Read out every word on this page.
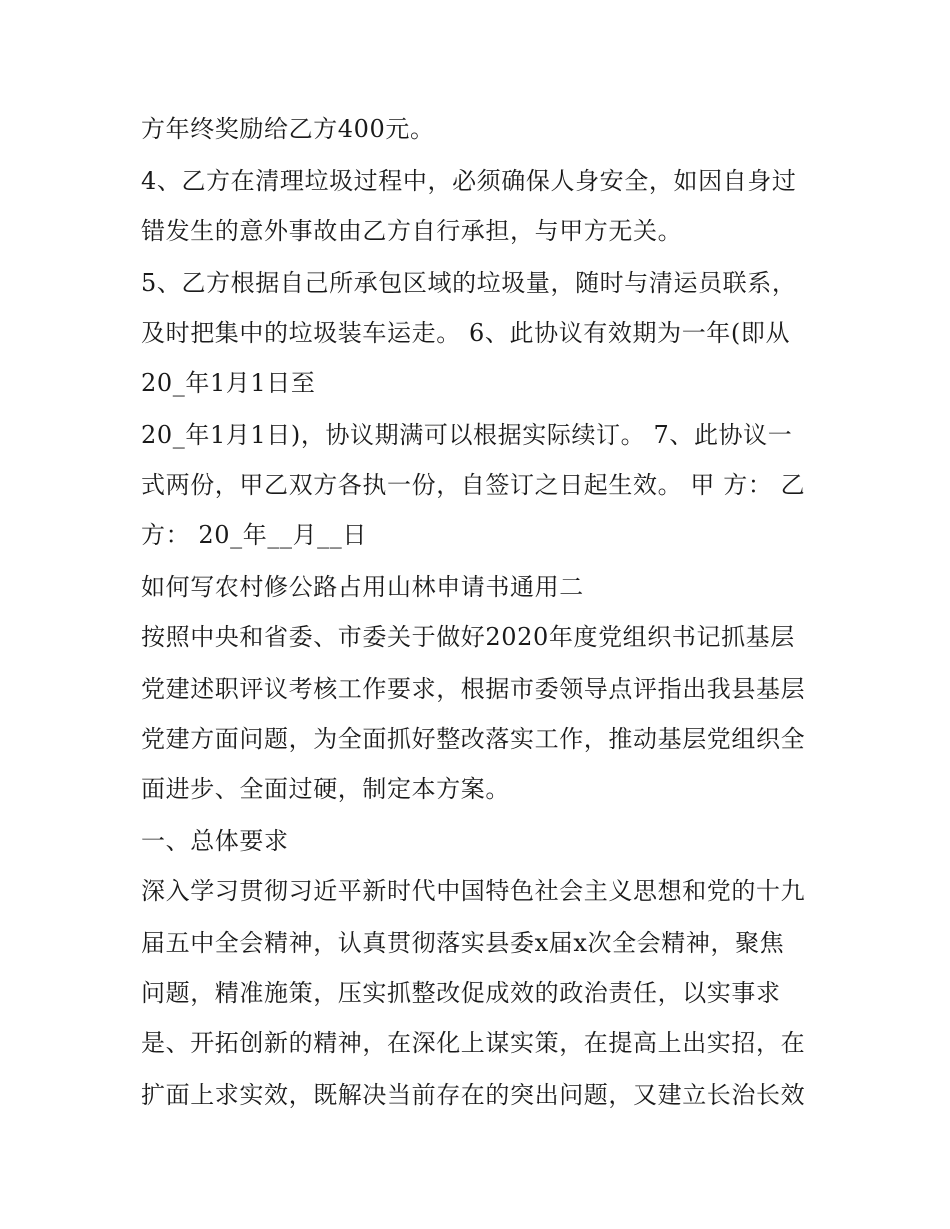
方年终奖励给乙方400元。

4、乙方在清理垃圾过程中，必须确保人身安全，如因自身过

错发生的意外事故由乙方自行承担，与甲方无关。

5、乙方根据自己所承包区域的垃圾量，随时与清运员联系，

及时把集中的垃圾装车运走。 6、此协议有效期为一年(即从

20_年1月1日至

20_年1月1日)，协议期满可以根据实际续订。 7、此协议一

式两份，甲乙双方各执一份，自签订之日起生效。 甲 方： 乙

方： 20_年__月__日

如何写农村修公路占用山林申请书通用二

按照中央和省委、市委关于做好2020年度党组织书记抓基层

党建述职评议考核工作要求，根据市委领导点评指出我县基层

党建方面问题，为全面抓好整改落实工作，推动基层党组织全

面进步、全面过硬，制定本方案。

一、总体要求

深入学习贯彻习近平新时代中国特色社会主义思想和党的十九

届五中全会精神，认真贯彻落实县委x届x次全会精神，聚焦

问题，精准施策，压实抓整改促成效的政治责任，以实事求

是、开拓创新的精神，在深化上谋实策，在提高上出实招，在

扩面上求实效，既解决当前存在的突出问题，又建立长治长效
